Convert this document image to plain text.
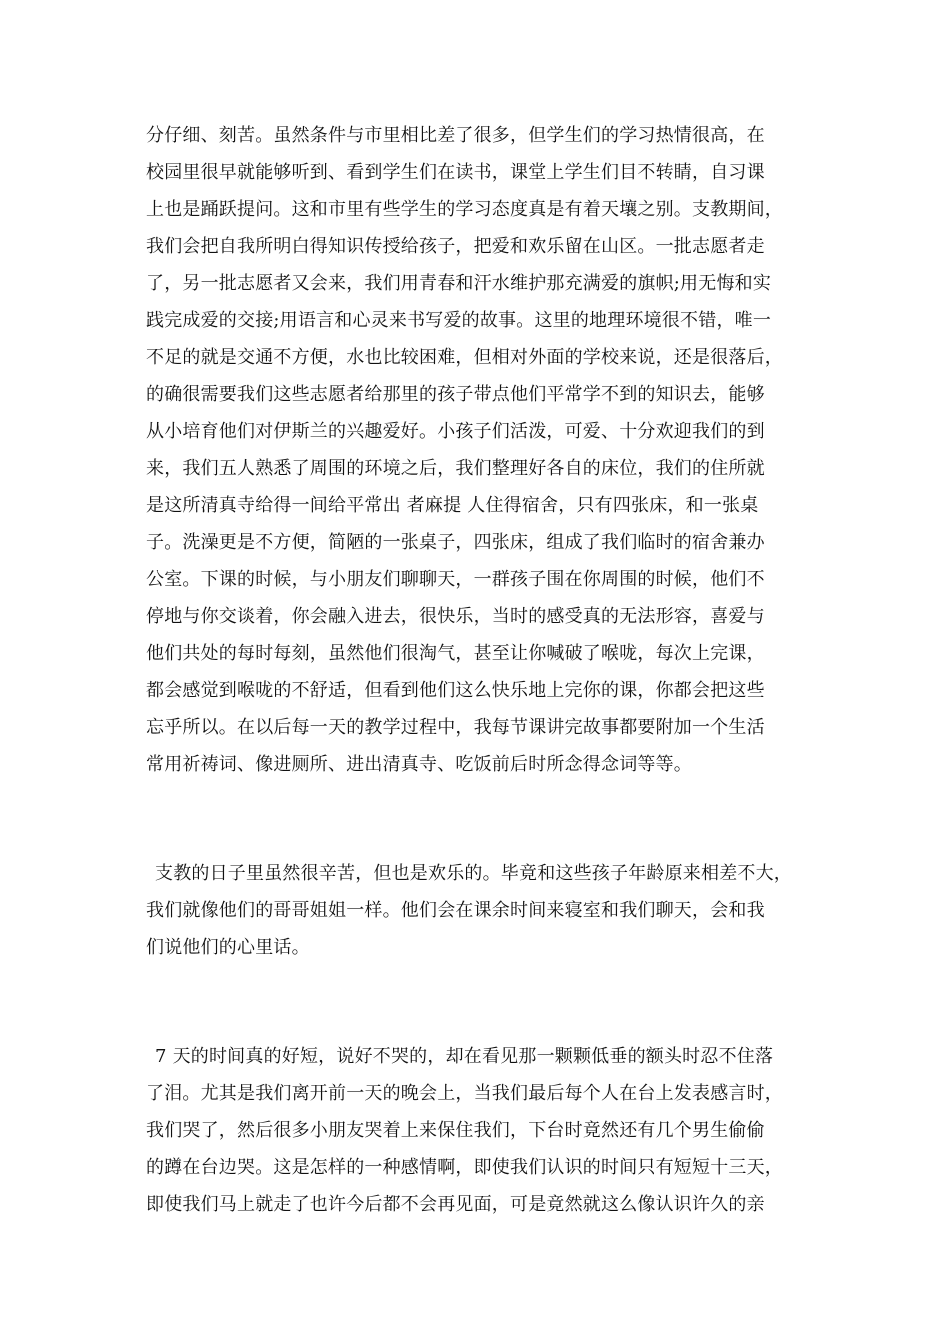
分仔细、刻苦。虽然条件与市里相比差了很多，但学生们的学习热情很高，在
校园里很早就能够听到、看到学生们在读书，课堂上学生们目不转睛，自习课
上也是踊跃提问。这和市里有些学生的学习态度真是有着天壤之别。支教期间，
我们会把自我所明白得知识传授给孩子，把爱和欢乐留在山区。一批志愿者走
了，另一批志愿者又会来，我们用青春和汗水维护那充满爱的旗帜;用无悔和实
践完成爱的交接;用语言和心灵来书写爱的故事。这里的地理环境很不错，唯一
不足的就是交通不方便，水也比较困难，但相对外面的学校来说，还是很落后，
的确很需要我们这些志愿者给那里的孩子带点他们平常学不到的知识去，能够
从小培育他们对伊斯兰的兴趣爱好。小孩子们活泼，可爱、十分欢迎我们的到
来，我们五人熟悉了周围的环境之后，我们整理好各自的床位，我们的住所就
是这所清真寺给得一间给平常出 者麻提 人住得宿舍，只有四张床，和一张桌
子。洗澡更是不方便，简陋的一张桌子，四张床，组成了我们临时的宿舍兼办
公室。下课的时候，与小朋友们聊聊天，一群孩子围在你周围的时候，他们不
停地与你交谈着，你会融入进去，很快乐，当时的感受真的无法形容，喜爱与
他们共处的每时每刻，虽然他们很淘气，甚至让你喊破了喉咙，每次上完课，
都会感觉到喉咙的不舒适，但看到他们这么快乐地上完你的课，你都会把这些
忘乎所以。在以后每一天的教学过程中，我每节课讲完故事都要附加一个生活
常用祈祷词、像进厕所、进出清真寺、吃饭前后时所念得念词等等。
支教的日子里虽然很辛苦，但也是欢乐的。毕竟和这些孩子年龄原来相差不大，
我们就像他们的哥哥姐姐一样。他们会在课余时间来寝室和我们聊天，会和我
们说他们的心里话。
7 天的时间真的好短，说好不哭的，却在看见那一颗颗低垂的额头时忍不住落
了泪。尤其是我们离开前一天的晚会上，当我们最后每个人在台上发表感言时，
我们哭了，然后很多小朋友哭着上来保住我们，下台时竟然还有几个男生偷偷
的蹲在台边哭。这是怎样的一种感情啊，即使我们认识的时间只有短短十三天，
即使我们马上就走了也许今后都不会再见面，可是竟然就这么像认识许久的亲
